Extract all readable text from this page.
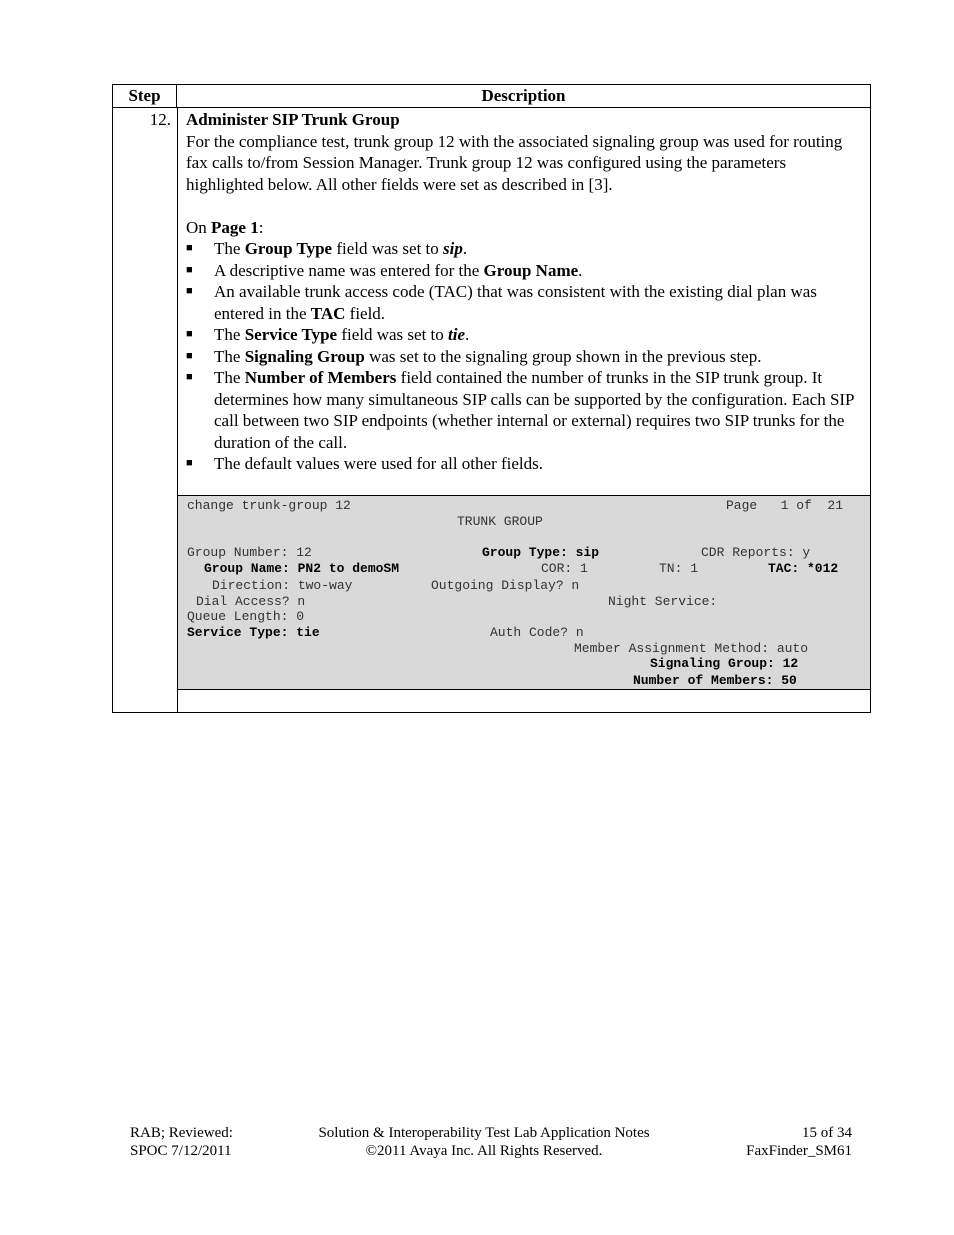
Step	Description
12. Administer SIP Trunk Group

For the compliance test, trunk group 12 with the associated signaling group was used for routing fax calls to/from Session Manager. Trunk group 12 was configured using the parameters highlighted below. All other fields were set as described in [3].

On Page 1:

■ The Group Type field was set to sip.
■ A descriptive name was entered for the Group Name.
■ An available trunk access code (TAC) that was consistent with the existing dial plan was entered in the TAC field.
■ The Service Type field was set to tie.
■ The Signaling Group was set to the signaling group shown in the previous step.
■ The Number of Members field contained the number of trunks in the SIP trunk group. It determines how many simultaneous SIP calls can be supported by the configuration. Each SIP call between two SIP endpoints (whether internal or external) requires two SIP trunks for the duration of the call.
■ The default values were used for all other fields.
change trunk-group 12	Page   1 of  21
TRUNK GROUP
Group Number: 12	Group Type: sip	CDR Reports: y
Group Name: PN2 to demoSM	COR: 1	TN: 1	TAC: *012
Direction: two-way	Outgoing Display? n
Dial Access? n	Night Service:
Queue Length: 0
Service Type: tie	Auth Code? n
Member Assignment Method: auto
Signaling Group: 12
Number of Members: 50
RAB; Reviewed:
SPOC 7/12/2011
Solution & Interoperability Test Lab Application Notes
©2011 Avaya Inc. All Rights Reserved.
15 of 34
FaxFinder_SM61
